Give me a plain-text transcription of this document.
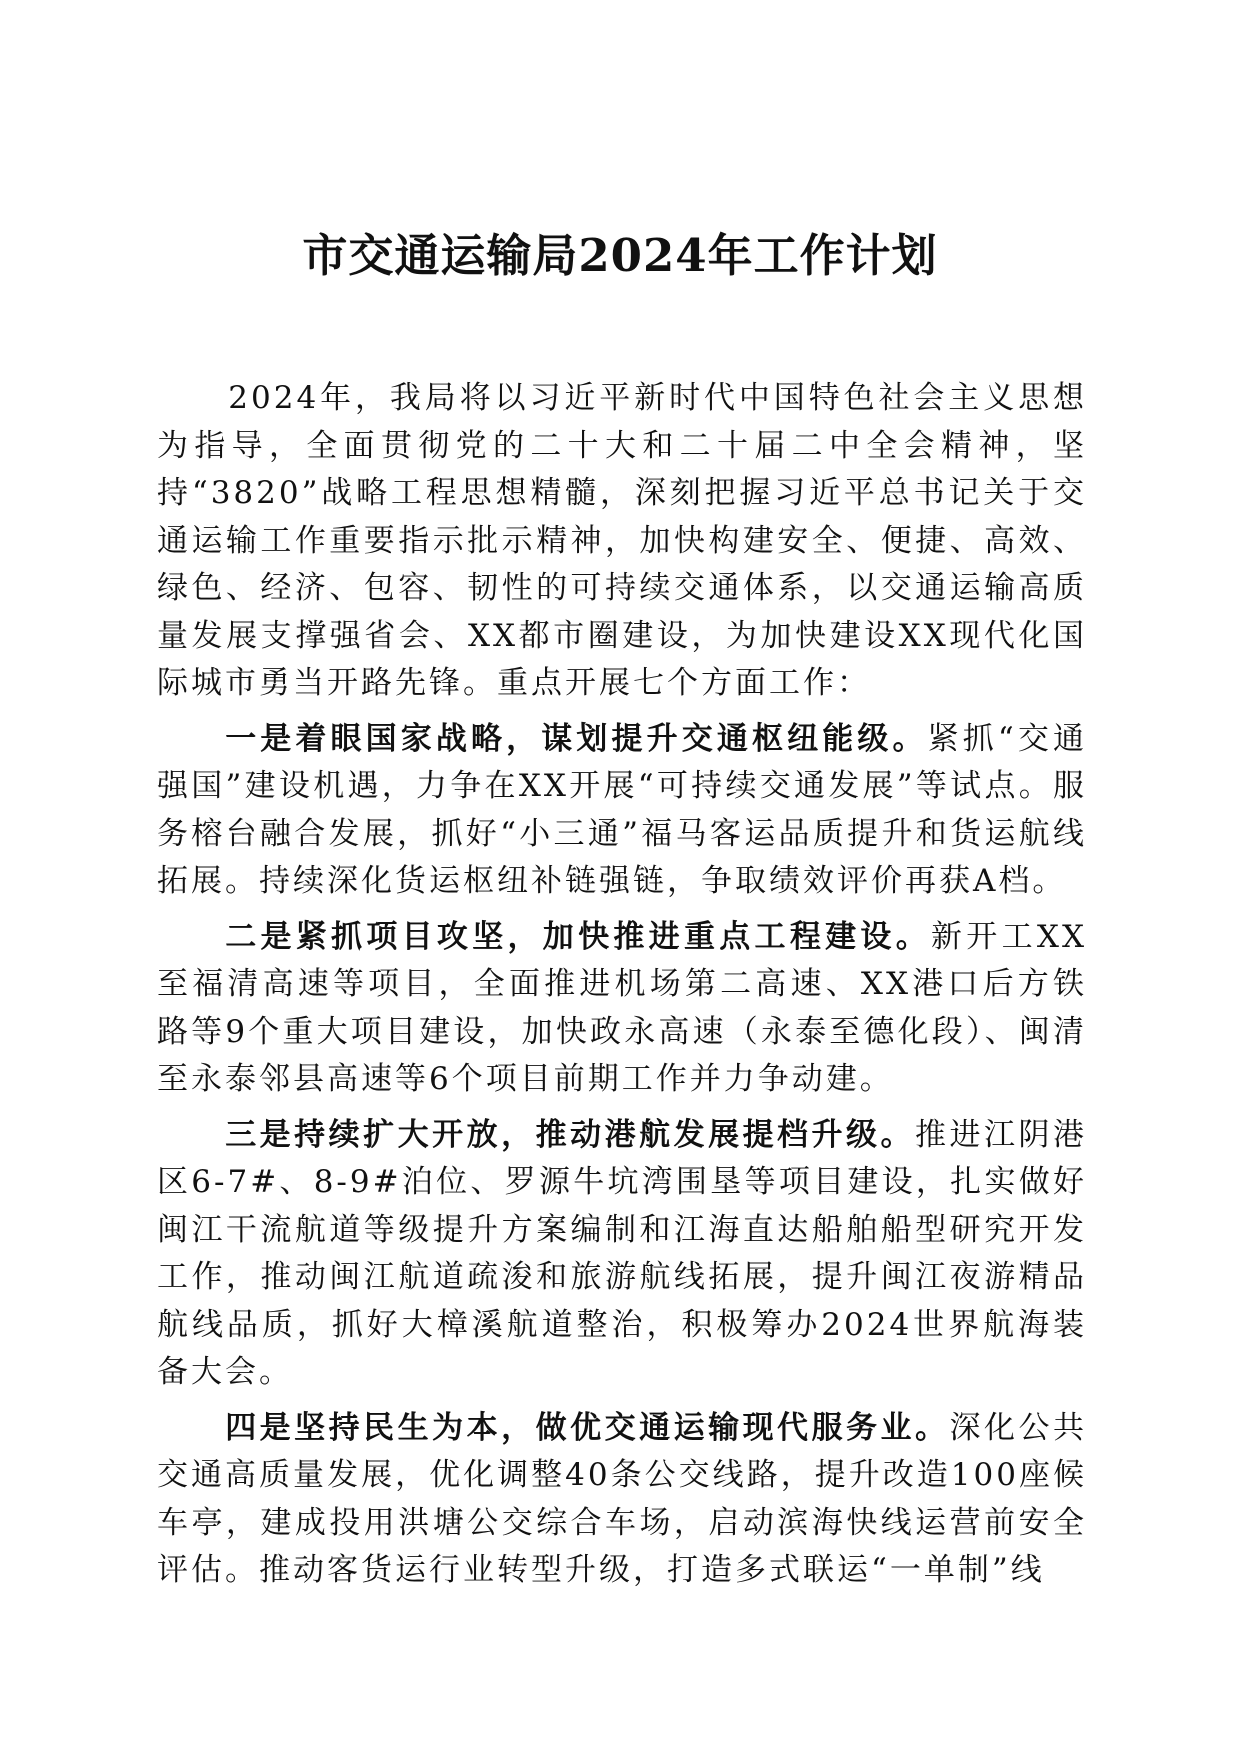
市交通运输局2024年工作计划

2024年，我局将以习近平新时代中国特色社会主义思想为指导，全面贯彻党的二十大和二十届二中全会精神，坚持“3820”战略工程思想精髓，深刻把握习近平总书记关于交通运输工作重要指示批示精神，加快构建安全、便捷、高效、绿色、经济、包容、韧性的可持续交通体系，以交通运输高质量发展支撑强省会、XX都市圈建设，为加快建设XX现代化国际城市勇当开路先锋。重点开展七个方面工作：

一是着眼国家战略，谋划提升交通枢纽能级。紧抓“交通强国”建设机遇，力争在XX开展“可持续交通发展”等试点。服务榕台融合发展，抓好“小三通”福马客运品质提升和货运航线拓展。持续深化货运枢纽补链强链，争取绩效评价再获A档。

二是紧抓项目攻坚，加快推进重点工程建设。新开工XX至福清高速等项目，全面推进机场第二高速、XX港口后方铁路等9个重大项目建设，加快政永高速（永泰至德化段）、闽清至永泰邻县高速等6个项目前期工作并力争动建。

三是持续扩大开放，推动港航发展提档升级。推进江阴港区6-7#、8-9#泊位、罗源牛坑湾围垦等项目建设，扎实做好闽江干流航道等级提升方案编制和江海直达船舶船型研究开发工作，推动闽江航道疏浚和旅游航线拓展，提升闽江夜游精品航线品质，抓好大樟溪航道整治，积极筹办2024世界航海装备大会。

四是坚持民生为本，做优交通运输现代服务业。深化公共交通高质量发展，优化调整40条公交线路，提升改造100座候车亭，建成投用洪塘公交综合车场，启动滨海快线运营前安全评估。推动客货运行业转型升级，打造多式联运“一单制”线
